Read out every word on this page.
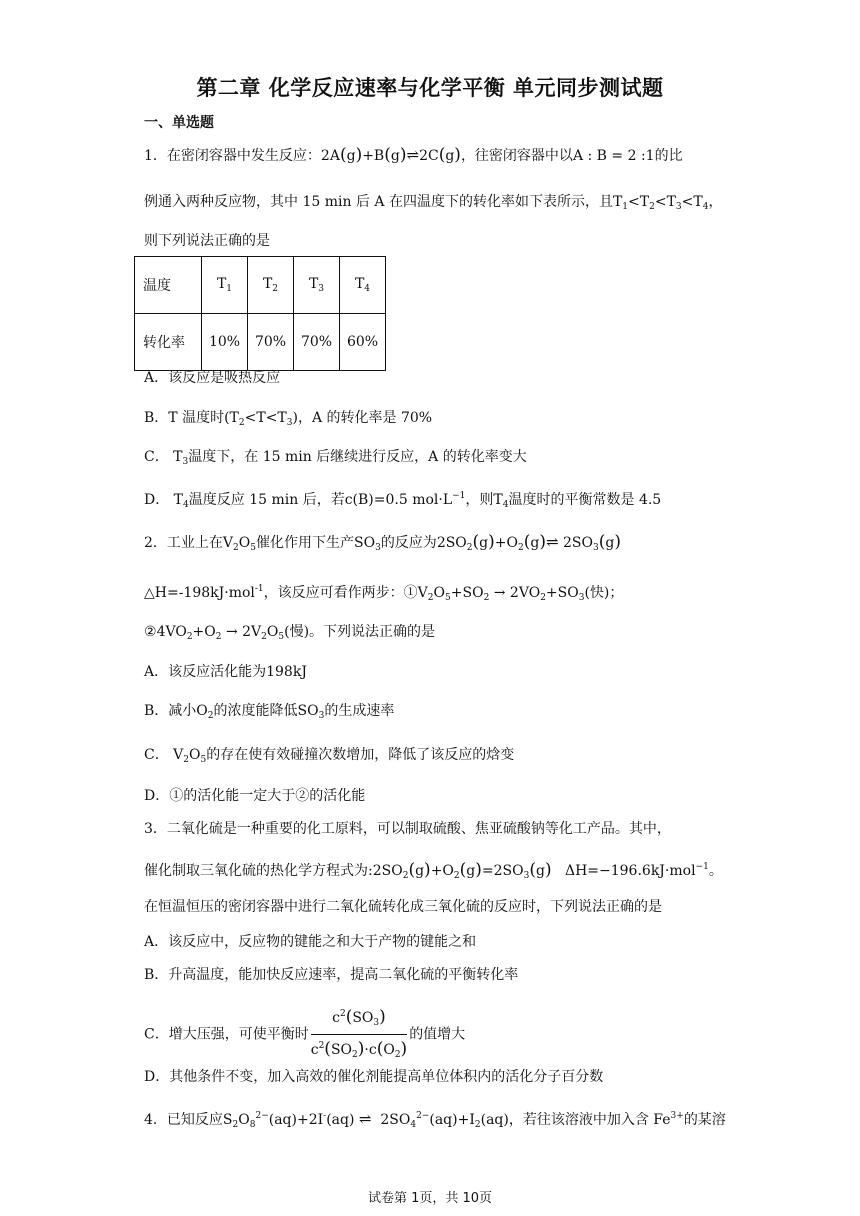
第二章 化学反应速率与化学平衡 单元同步测试题
一、单选题
1．在密闭容器中发生反应：2A(g)+B(g)⇌2C(g)，往密闭容器中以A : B = 2 :1的比
例通入两种反应物，其中 15 min 后 A 在四温度下的转化率如下表所示，且$T_1<T_2<T_3<T_4$，
则下列说法正确的是
温度	$T_1$	$T_2$	$T_3$	$T_4$
转化率	10%	70%	70%	60%
A．该反应是吸热反应
B．T 温度时$(T_2<T<T_3)$，A 的转化率是 70%
C． $T_3$温度下，在 15 min 后继续进行反应，A 的转化率变大
D． $T_4$温度反应 15 min 后，若c(B)=0.5 $mol\cdot L^{-1}$，则$T_4$温度时的平衡常数是 4.5
2．工业上在$V_2O_5$催化作用下生产$SO_3$的反应为$2SO_2(g)+O_2(g)\rightleftharpoons$ $2SO_3(g)$
△H=-198kJ·mol$^{-1}$，该反应可看作两步：$①V_2O_5+SO_2 \to 2VO_2+SO_3$(快)；
$②4VO_2+O_2 \to 2V_2O_5$(慢)。下列说法正确的是
A．该反应活化能为198kJ
B．减小$O_2$的浓度能降低$SO_3$的生成速率
C． $V_2O_5$的存在使有效碰撞次数增加，降低了该反应的焓变
D．①的活化能一定大于②的活化能
3．二氧化硫是一种重要的化工原料，可以制取硫酸、焦亚硫酸钠等化工产品。其中，
催化制取三氧化硫的热化学方程式为$:2SO_2(g)+O_2(g)=2SO_3(g)$ ΔH=−196.6kJ·mol$^{-1}$。
在恒温恒压的密闭容器中进行二氧化硫转化成三氧化硫的反应时，下列说法正确的是
A．该反应中，反应物的键能之和大于产物的键能之和
B．升高温度，能加快反应速率，提高二氧化硫的平衡转化率
C．增大压强，可使平衡时 $\frac{c^2(SO_3)}{c^2(SO_2)\cdot c(O_2)}$ 的值增大
D．其他条件不变，加入高效的催化剂能提高单位体积内的活化分子百分数
4．已知反应$S_2O_8^{2-}(aq)+2I^-(aq)$ ⇌ $2SO_4^{2-}(aq)+I_2(aq)$，若往该溶液中加入含 $Fe^{3+}$的某溶
试卷第 1页，共 10页
